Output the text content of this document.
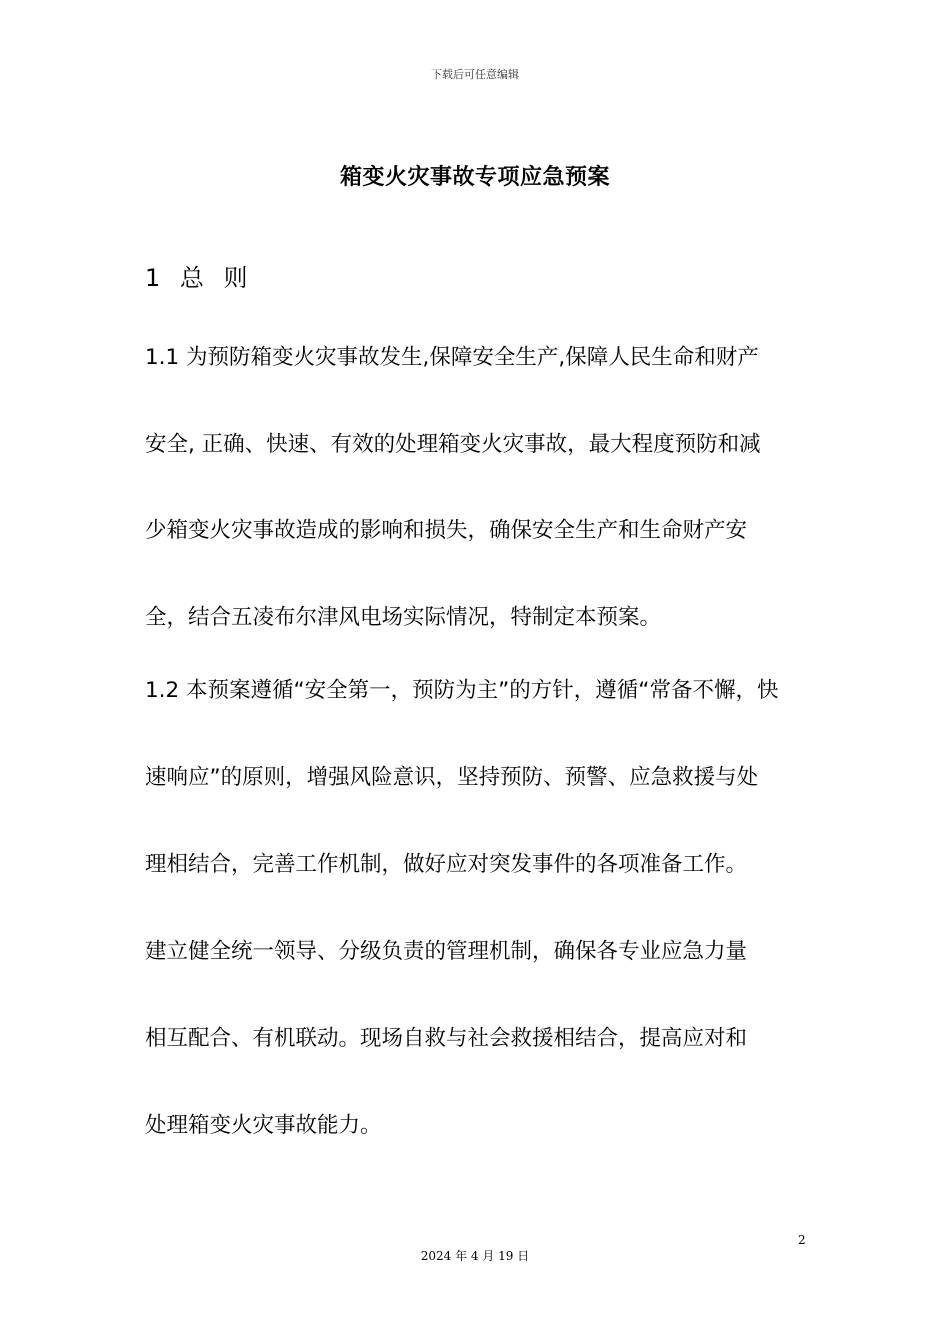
下载后可任意编辑
箱变火灾事故专项应急预案
1 总 则
1.1 为预防箱变火灾事故发生,保障安全生产,保障人民生命和财产
安全, 正确、快速、有效的处理箱变火灾事故，最大程度预防和减
少箱变火灾事故造成的影响和损失，确保安全生产和生命财产安
全，结合五凌布尔津风电场实际情况，特制定本预案。
1.2 本预案遵循“安全第一，预防为主”的方针，遵循“常备不懈，快
速响应”的原则，增强风险意识，坚持预防、预警、应急救援与处
理相结合，完善工作机制，做好应对突发事件的各项准备工作。
建立健全统一领导、分级负责的管理机制，确保各专业应急力量
相互配合、有机联动。现场自救与社会救援相结合，提高应对和
处理箱变火灾事故能力。
2
2024 年 4 月 19 日
